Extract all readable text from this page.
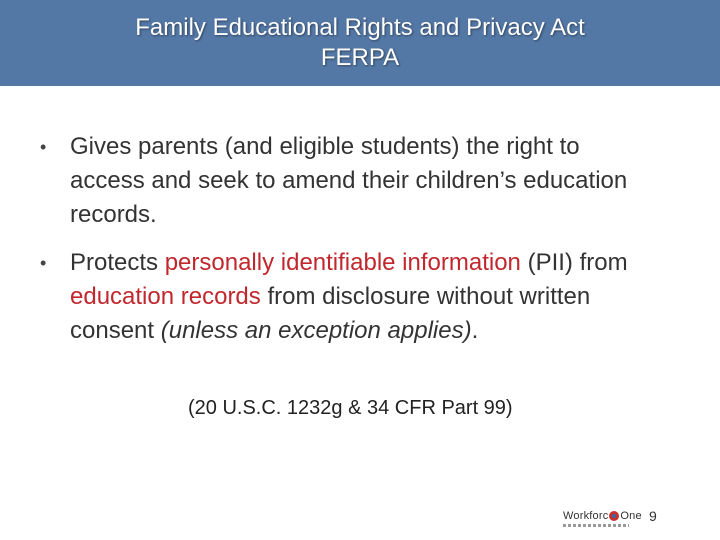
Family Educational Rights and Privacy Act
FERPA
• Gives parents (and eligible students) the right to access and seek to amend their children’s education records.
• Protects personally identifiable information (PII) from education records from disclosure without written consent (unless an exception applies).
(20 U.S.C. 1232g & 34 CFR Part 99)
Workforc One 9
